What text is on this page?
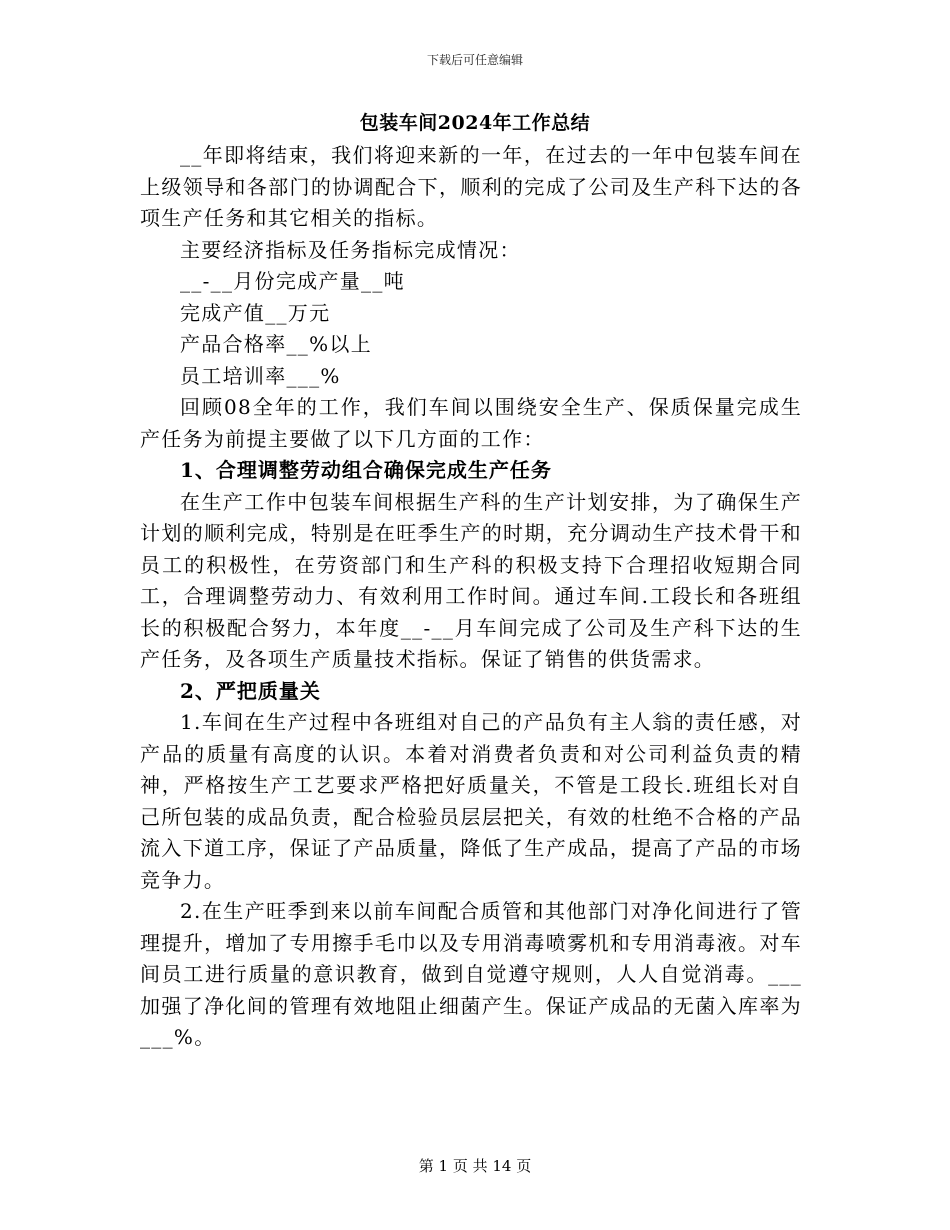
下载后可任意编辑
包装车间2024年工作总结

__年即将结束，我们将迎来新的一年，在过去的一年中包装车间在上级领导和各部门的协调配合下，顺利的完成了公司及生产科下达的各项生产任务和其它相关的指标。

主要经济指标及任务指标完成情况：

__-__月份完成产量__吨

完成产值__万元

产品合格率__%以上

员工培训率___%

回顾08全年的工作，我们车间以围绕安全生产、保质保量完成生产任务为前提主要做了以下几方面的工作：

1、合理调整劳动组合确保完成生产任务

在生产工作中包装车间根据生产科的生产计划安排，为了确保生产计划的顺利完成，特别是在旺季生产的时期，充分调动生产技术骨干和员工的积极性，在劳资部门和生产科的积极支持下合理招收短期合同工，合理调整劳动力、有效利用工作时间。通过车间.工段长和各班组长的积极配合努力，本年度__-__月车间完成了公司及生产科下达的生产任务，及各项生产质量技术指标。保证了销售的供货需求。

2、严把质量关

1.车间在生产过程中各班组对自己的产品负有主人翁的责任感，对产品的质量有高度的认识。本着对消费者负责和对公司利益负责的精神，严格按生产工艺要求严格把好质量关，不管是工段长.班组长对自己所包装的成品负责，配合检验员层层把关，有效的杜绝不合格的产品流入下道工序，保证了产品质量，降低了生产成品，提高了产品的市场竞争力。

2.在生产旺季到来以前车间配合质管和其他部门对净化间进行了管理提升，增加了专用擦手毛巾以及专用消毒喷雾机和专用消毒液。对车间员工进行质量的意识教育，做到自觉遵守规则，人人自觉消毒。___加强了净化间的管理有效地阻止细菌产生。保证产成品的无菌入库率为___%。

第 1 页 共 14 页
